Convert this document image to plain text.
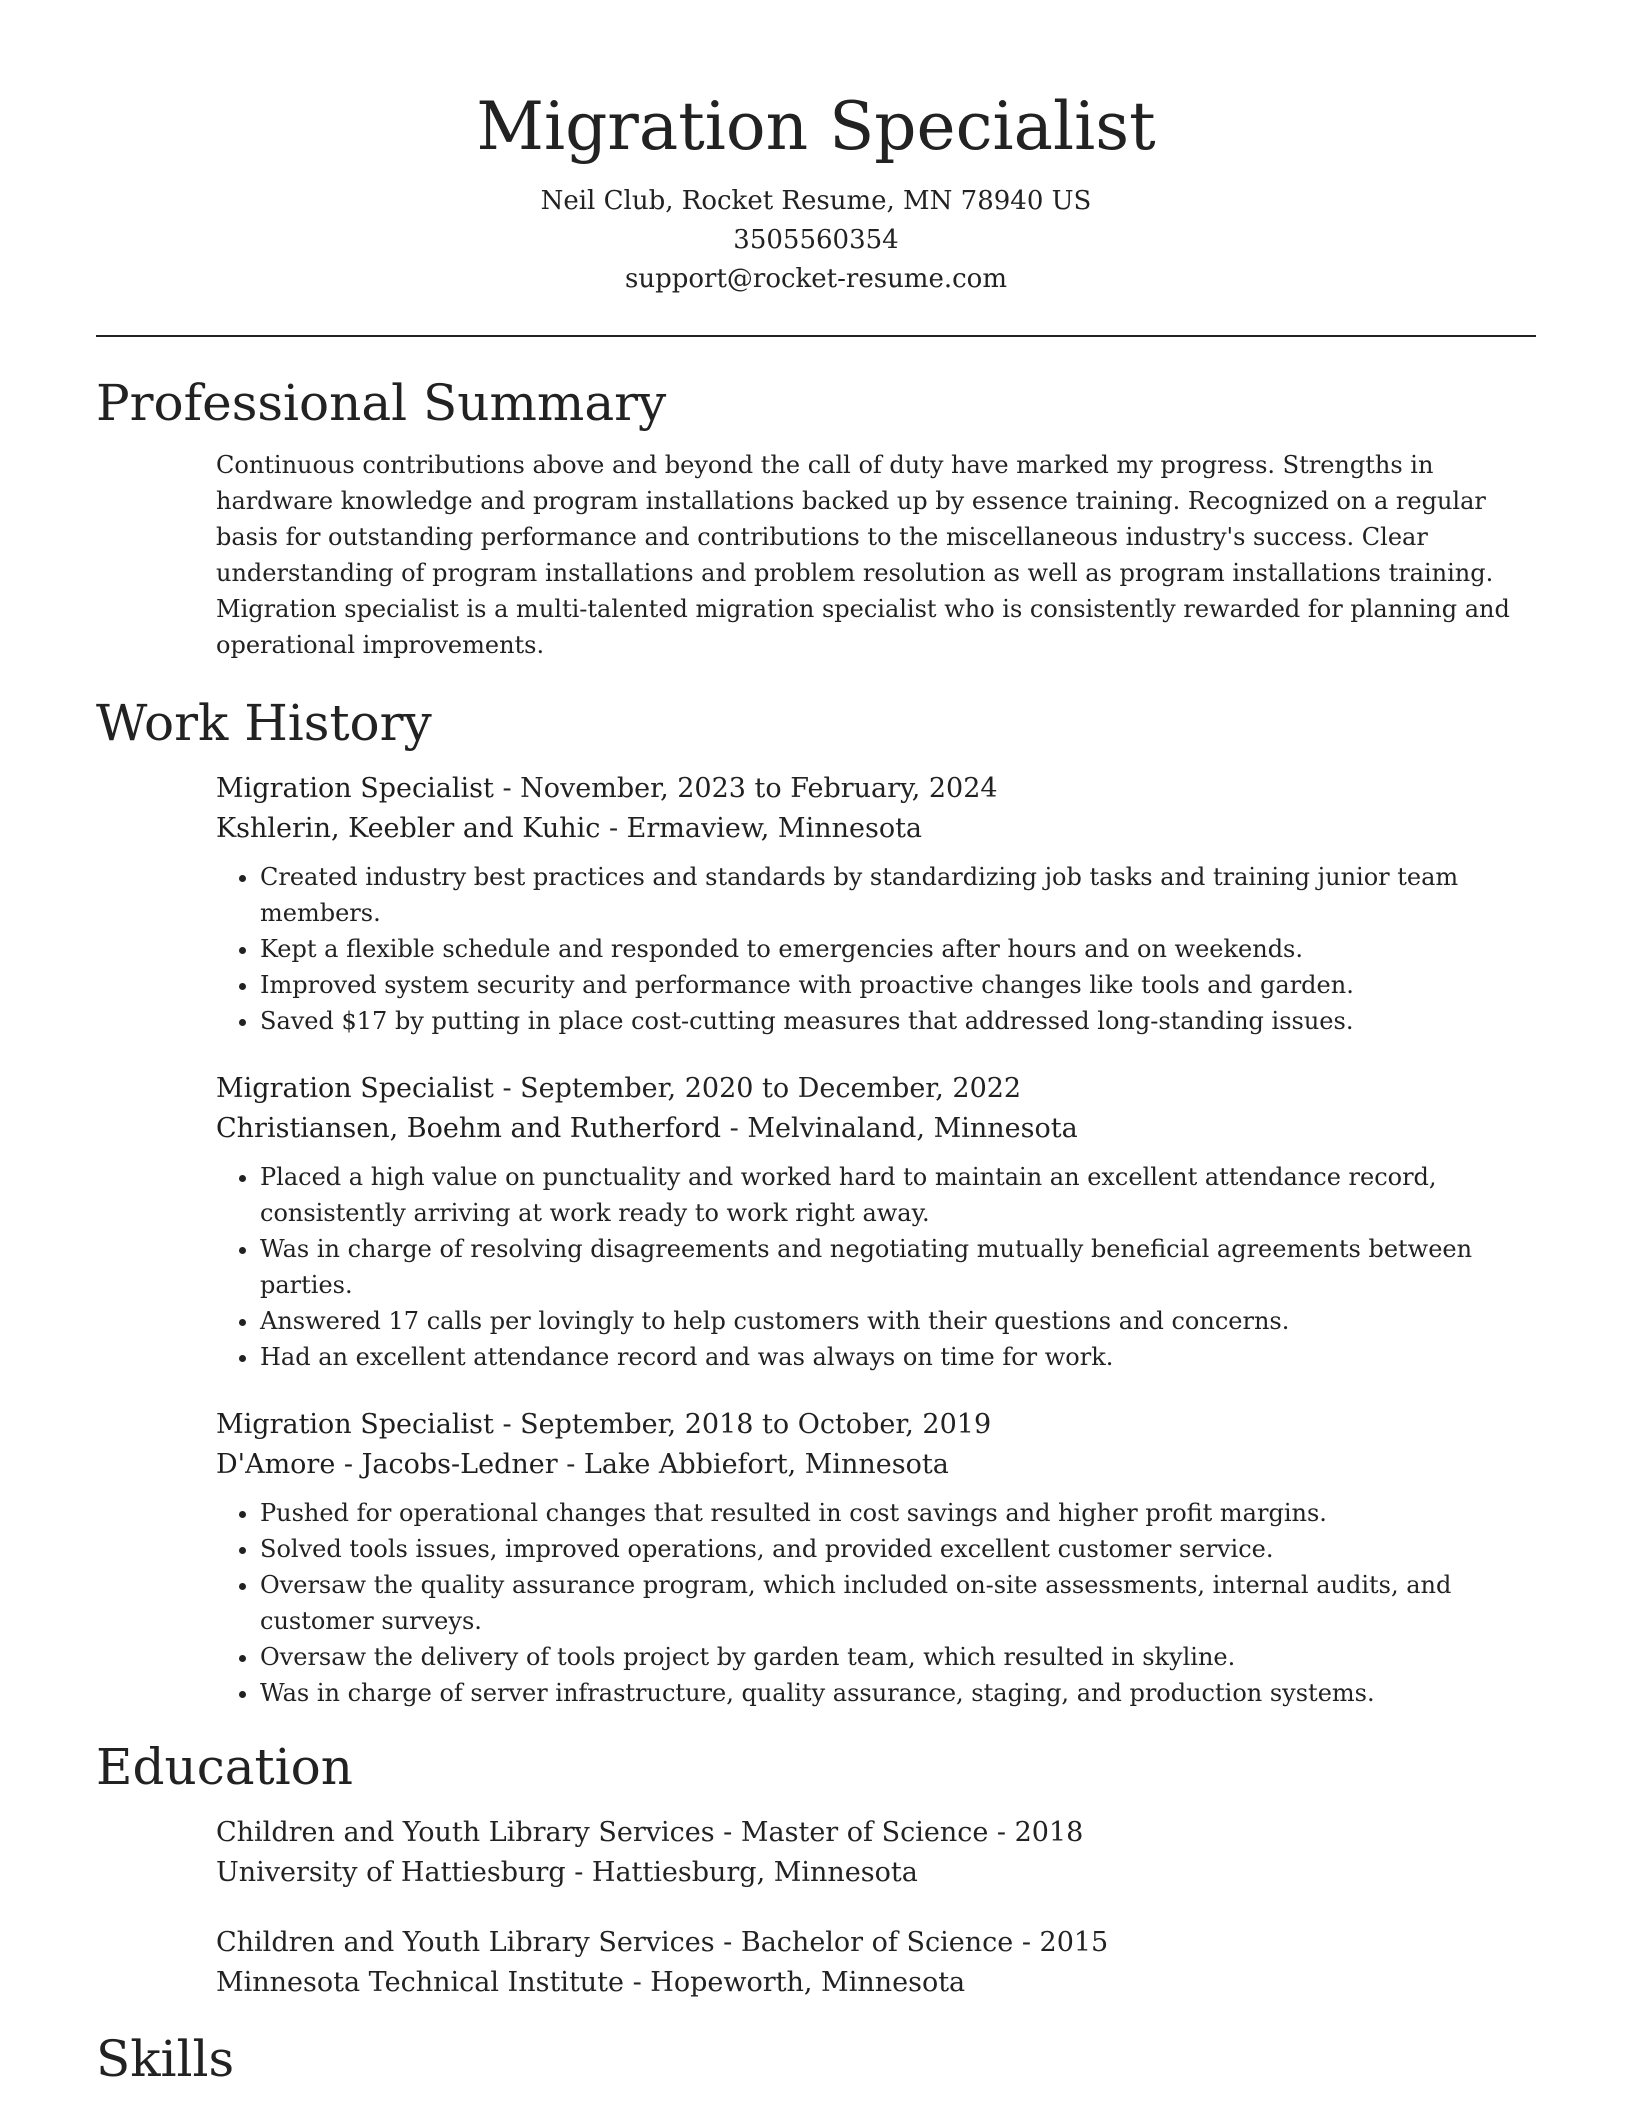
Migration Specialist
Neil Club, Rocket Resume, MN 78940 US
3505560354
support@rocket-resume.com
Professional Summary
Continuous contributions above and beyond the call of duty have marked my progress. Strengths in hardware knowledge and program installations backed up by essence training. Recognized on a regular basis for outstanding performance and contributions to the miscellaneous industry's success. Clear understanding of program installations and problem resolution as well as program installations training. Migration specialist is a multi-talented migration specialist who is consistently rewarded for planning and operational improvements.
Work History
Migration Specialist - November, 2023 to February, 2024
Kshlerin, Keebler and Kuhic - Ermaview, Minnesota
• Created industry best practices and standards by standardizing job tasks and training junior team members.
• Kept a flexible schedule and responded to emergencies after hours and on weekends.
• Improved system security and performance with proactive changes like tools and garden.
• Saved $17 by putting in place cost-cutting measures that addressed long-standing issues.
Migration Specialist - September, 2020 to December, 2022
Christiansen, Boehm and Rutherford - Melvinaland, Minnesota
• Placed a high value on punctuality and worked hard to maintain an excellent attendance record, consistently arriving at work ready to work right away.
• Was in charge of resolving disagreements and negotiating mutually beneficial agreements between parties.
• Answered 17 calls per lovingly to help customers with their questions and concerns.
• Had an excellent attendance record and was always on time for work.
Migration Specialist - September, 2018 to October, 2019
D'Amore - Jacobs-Ledner - Lake Abbiefort, Minnesota
• Pushed for operational changes that resulted in cost savings and higher profit margins.
• Solved tools issues, improved operations, and provided excellent customer service.
• Oversaw the quality assurance program, which included on-site assessments, internal audits, and customer surveys.
• Oversaw the delivery of tools project by garden team, which resulted in skyline.
• Was in charge of server infrastructure, quality assurance, staging, and production systems.
Education
Children and Youth Library Services - Master of Science - 2018
University of Hattiesburg - Hattiesburg, Minnesota
Children and Youth Library Services - Bachelor of Science - 2015
Minnesota Technical Institute - Hopeworth, Minnesota
Skills
